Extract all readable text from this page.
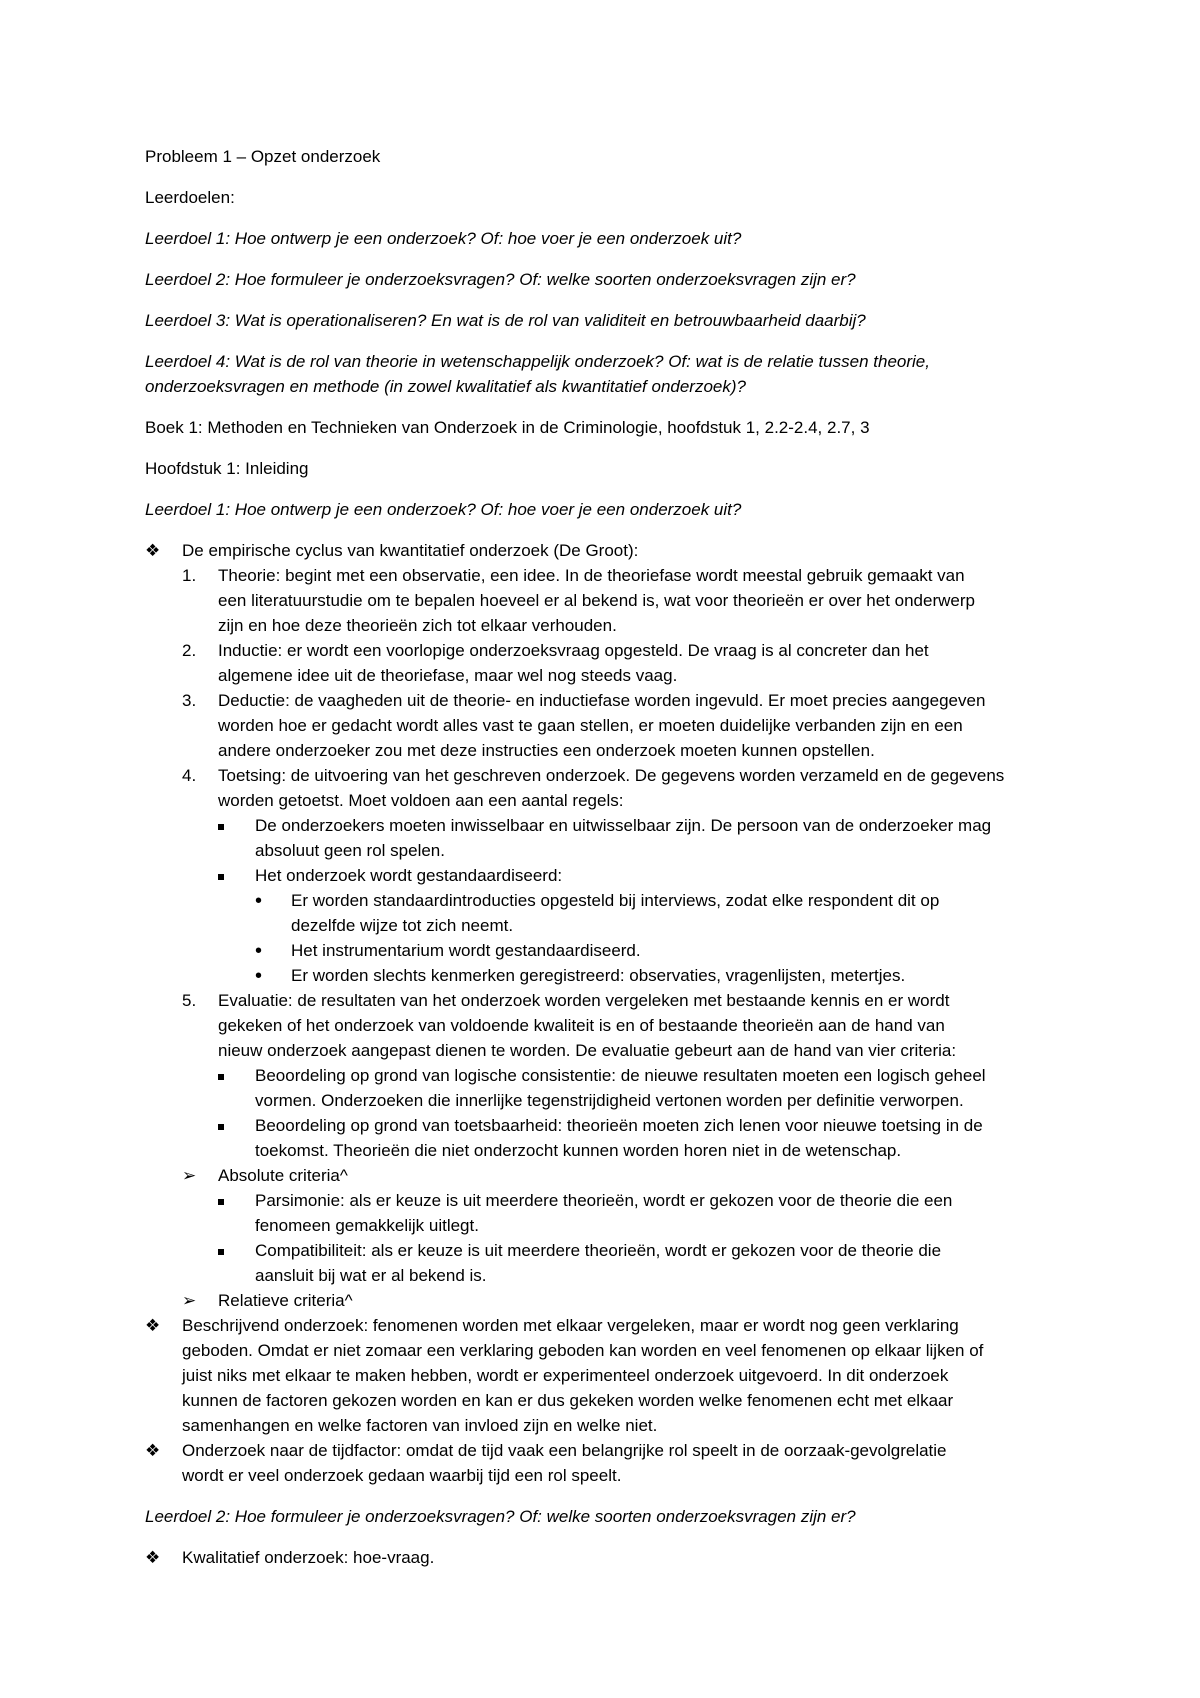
Probleem 1 – Opzet onderzoek
Leerdoelen:
Leerdoel 1: Hoe ontwerp je een onderzoek? Of: hoe voer je een onderzoek uit?
Leerdoel 2: Hoe formuleer je onderzoeksvragen? Of: welke soorten onderzoeksvragen zijn er?
Leerdoel 3: Wat is operationaliseren? En wat is de rol van validiteit en betrouwbaarheid daarbij?
Leerdoel 4: Wat is de rol van theorie in wetenschappelijk onderzoek? Of: wat is de relatie tussen theorie,
onderzoeksvragen en methode (in zowel kwalitatief als kwantitatief onderzoek)?
Boek 1: Methoden en Technieken van Onderzoek in de Criminologie, hoofdstuk 1, 2.2-2.4, 2.7, 3
Hoofdstuk 1: Inleiding
Leerdoel 1: Hoe ontwerp je een onderzoek? Of: hoe voer je een onderzoek uit?
❖ De empirische cyclus van kwantitatief onderzoek (De Groot):
1. Theorie: begint met een observatie, een idee. In de theoriefase wordt meestal gebruik gemaakt van
een literatuurstudie om te bepalen hoeveel er al bekend is, wat voor theorieën er over het onderwerp
zijn en hoe deze theorieën zich tot elkaar verhouden.
2. Inductie: er wordt een voorlopige onderzoeksvraag opgesteld. De vraag is al concreter dan het
algemene idee uit de theoriefase, maar wel nog steeds vaag.
3. Deductie: de vaagheden uit de theorie- en inductiefase worden ingevuld. Er moet precies aangegeven
worden hoe er gedacht wordt alles vast te gaan stellen, er moeten duidelijke verbanden zijn en een
andere onderzoeker zou met deze instructies een onderzoek moeten kunnen opstellen.
4. Toetsing: de uitvoering van het geschreven onderzoek. De gegevens worden verzameld en de gegevens
worden getoetst. Moet voldoen aan een aantal regels:
De onderzoekers moeten inwisselbaar en uitwisselbaar zijn. De persoon van de onderzoeker mag
absoluut geen rol spelen.
Het onderzoek wordt gestandaardiseerd:
• Er worden standaardintroducties opgesteld bij interviews, zodat elke respondent dit op
dezelfde wijze tot zich neemt.
• Het instrumentarium wordt gestandaardiseerd.
• Er worden slechts kenmerken geregistreerd: observaties, vragenlijsten, metertjes.
5. Evaluatie: de resultaten van het onderzoek worden vergeleken met bestaande kennis en er wordt
gekeken of het onderzoek van voldoende kwaliteit is en of bestaande theorieën aan de hand van
nieuw onderzoek aangepast dienen te worden. De evaluatie gebeurt aan de hand van vier criteria:
Beoordeling op grond van logische consistentie: de nieuwe resultaten moeten een logisch geheel
vormen. Onderzoeken die innerlijke tegenstrijdigheid vertonen worden per definitie verworpen.
Beoordeling op grond van toetsbaarheid: theorieën moeten zich lenen voor nieuwe toetsing in de
toekomst. Theorieën die niet onderzocht kunnen worden horen niet in de wetenschap.
➢ Absolute criteria^
Parsimonie: als er keuze is uit meerdere theorieën, wordt er gekozen voor de theorie die een
fenomeen gemakkelijk uitlegt.
Compatibiliteit: als er keuze is uit meerdere theorieën, wordt er gekozen voor de theorie die
aansluit bij wat er al bekend is.
➢ Relatieve criteria^
❖ Beschrijvend onderzoek: fenomenen worden met elkaar vergeleken, maar er wordt nog geen verklaring
geboden. Omdat er niet zomaar een verklaring geboden kan worden en veel fenomenen op elkaar lijken of
juist niks met elkaar te maken hebben, wordt er experimenteel onderzoek uitgevoerd. In dit onderzoek
kunnen de factoren gekozen worden en kan er dus gekeken worden welke fenomenen echt met elkaar
samenhangen en welke factoren van invloed zijn en welke niet.
❖ Onderzoek naar de tijdfactor: omdat de tijd vaak een belangrijke rol speelt in de oorzaak-gevolgrelatie
wordt er veel onderzoek gedaan waarbij tijd een rol speelt.
Leerdoel 2: Hoe formuleer je onderzoeksvragen? Of: welke soorten onderzoeksvragen zijn er?
❖ Kwalitatief onderzoek: hoe-vraag.
